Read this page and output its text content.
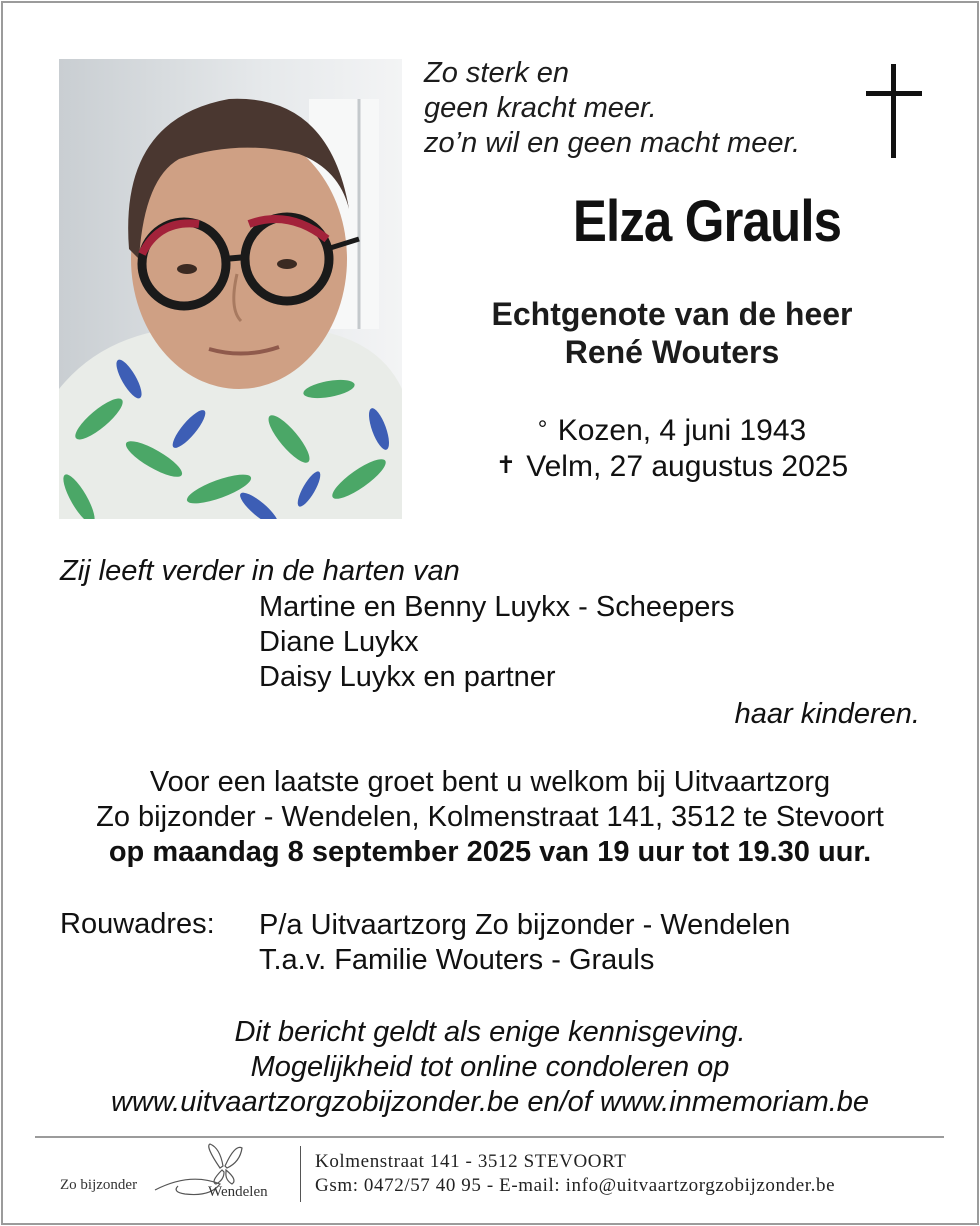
Zo sterk en
geen kracht meer.
zo’n wil en geen macht meer.
Elza Grauls
Echtgenote van de heer
René Wouters
° Kozen, 4 juni 1943
✝ Velm, 27 augustus 2025
Zij leeft verder in de harten van
Martine en Benny Luykx - Scheepers
Diane Luykx
Daisy Luykx en partner
haar kinderen.
Voor een laatste groet bent u welkom bij Uitvaartzorg
Zo bijzonder - Wendelen, Kolmenstraat 141, 3512 te Stevoort
op maandag 8 september 2025 van 19 uur tot 19.30 uur.
Rouwadres: P/a Uitvaartzorg Zo bijzonder - Wendelen
T.a.v. Familie Wouters - Grauls
Dit bericht geldt als enige kennisgeving.
Mogelijkheid tot online condoleren op
www.uitvaartzorgzobijzonder.be en/of www.inmemoriam.be
Zo bijzonder	Wendelen
Kolmenstraat 141 - 3512 STEVOORT
Gsm: 0472/57 40 95 - E-mail: info@uitvaartzorgzobijzonder.be
